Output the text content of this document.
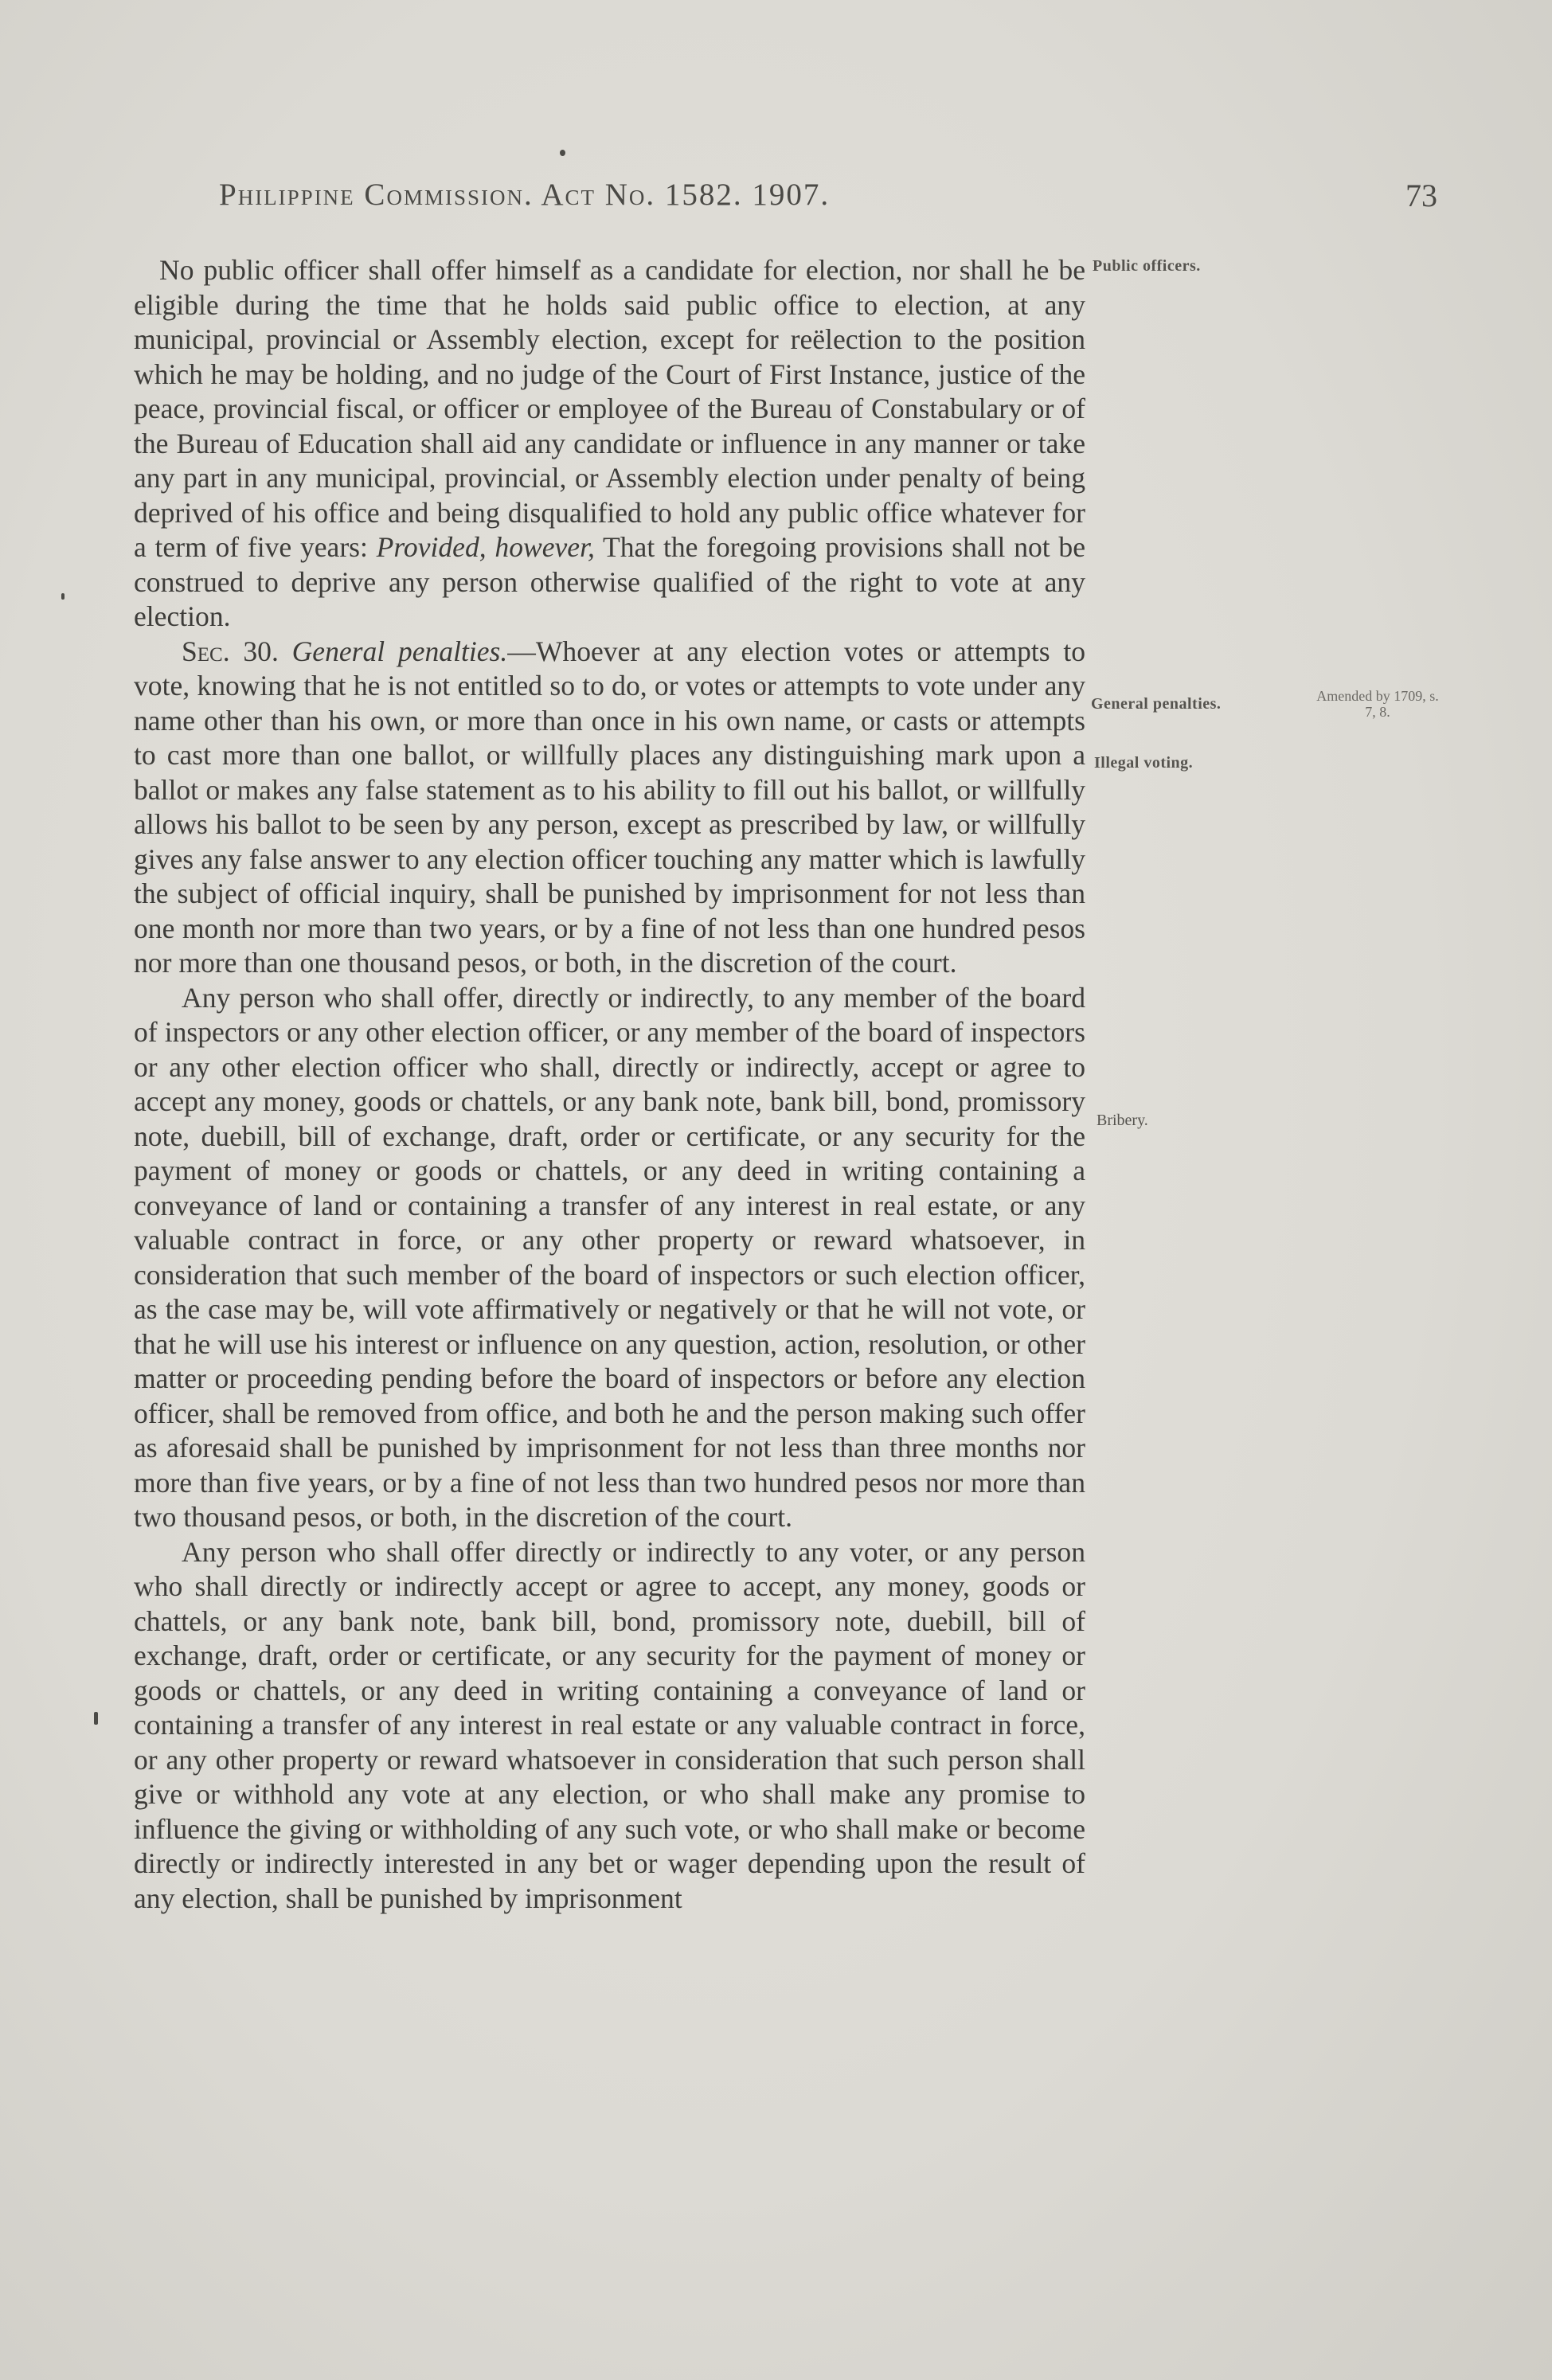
Philippine Commission. Act No. 1582. 1907.	73

No public officer shall offer himself as a candidate for election, nor shall he be eligible during the time that he holds said public office to election, at any municipal, provincial or Assembly election, except for reëlection to the position which he may be holding, and no judge of the Court of First Instance, justice of the peace, provincial fiscal, or officer or employee of the Bureau of Constabulary or of the Bureau of Education shall aid any candidate or influence in any manner or take any part in any municipal, provincial, or Assembly election under penalty of being deprived of his office and being disqualified to hold any public office whatever for a term of five years: Provided, however, That the foregoing provisions shall not be construed to deprive any person otherwise qualified of the right to vote at any election.

Sec. 30. General penalties.—Whoever at any election votes or attempts to vote, knowing that he is not entitled so to do, or votes or attempts to vote under any name other than his own, or more than once in his own name, or casts or attempts to cast more than one ballot, or willfully places any distinguishing mark upon a ballot or makes any false statement as to his ability to fill out his ballot, or willfully allows his ballot to be seen by any person, except as prescribed by law, or willfully gives any false answer to any election officer touching any matter which is lawfully the subject of official inquiry, shall be punished by imprisonment for not less than one month nor more than two years, or by a fine of not less than one hundred pesos nor more than one thousand pesos, or both, in the discretion of the court.

Any person who shall offer, directly or indirectly, to any member of the board of inspectors or any other election officer, or any member of the board of inspectors or any other election officer who shall, directly or indirectly, accept or agree to accept any money, goods or chattels, or any bank note, bank bill, bond, promissory note, duebill, bill of exchange, draft, order or certificate, or any security for the payment of money or goods or chattels, or any deed in writing containing a conveyance of land or containing a transfer of any interest in real estate, or any valuable contract in force, or any other property or reward whatsoever, in consideration that such member of the board of inspectors or such election officer, as the case may be, will vote affirmatively or negatively or that he will not vote, or that he will use his interest or influence on any question, action, resolution, or other matter or proceeding pending before the board of inspectors or before any election officer, shall be removed from office, and both he and the person making such offer as aforesaid shall be punished by imprisonment for not less than three months nor more than five years, or by a fine of not less than two hundred pesos nor more than two thousand pesos, or both, in the discretion of the court.

Any person who shall offer directly or indirectly to any voter, or any person who shall directly or indirectly accept or agree to accept, any money, goods or chattels, or any bank note, bank bill, bond, promissory note, duebill, bill of exchange, draft, order or certificate, or any security for the payment of money or goods or chattels, or any deed in writing containing a conveyance of land or containing a transfer of any interest in real estate or any valuable contract in force, or any other property or reward whatsoever in consideration that such person shall give or withhold any vote at any election, or who shall make any promise to influence the giving or withholding of any such vote, or who shall make or become directly or indirectly interested in any bet or wager depending upon the result of any election, shall be punished by imprisonment

Public officers.
General penalties.
Illegal voting.
Bribery.
Amended by 1709, s. 7, 8.
